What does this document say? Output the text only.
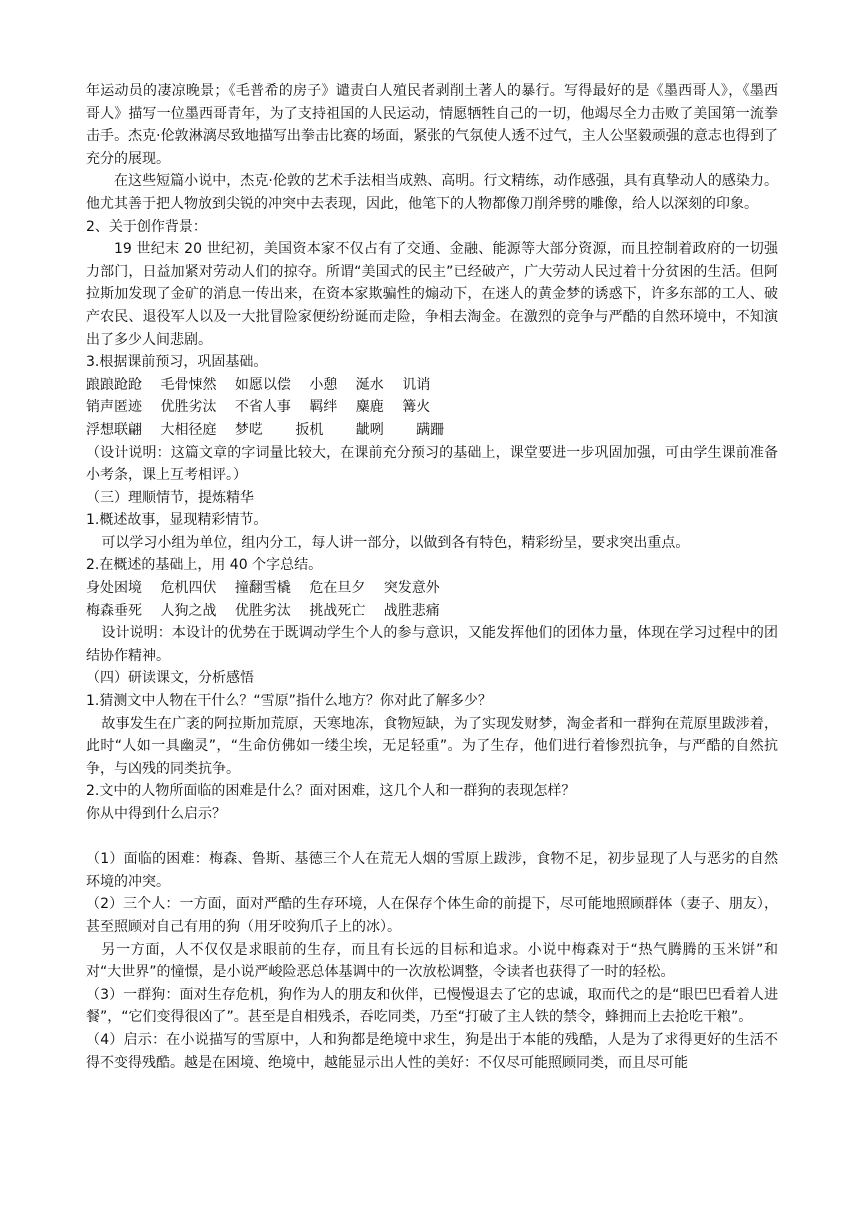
年运动员的凄凉晚景；《毛普希的房子》谴责白人殖民者剥削土著人的暴行。写得最好的是《墨西哥人》，《墨西哥人》描写一位墨西哥青年，为了支持祖国的人民运动，情愿牺牲自己的一切，他竭尽全力击败了美国第一流拳击手。杰克·伦敦淋漓尽致地描写出拳击比赛的场面，紧张的气氛使人透不过气，主人公坚毅顽强的意志也得到了充分的展现。

在这些短篇小说中，杰克·伦敦的艺术手法相当成熟、高明。行文精练，动作感强，具有真挚动人的感染力。他尤其善于把人物放到尖锐的冲突中去表现，因此，他笔下的人物都像刀削斧劈的雕像，给人以深刻的印象。

2、关于创作背景：

19 世纪末 20 世纪初，美国资本家不仅占有了交通、金融、能源等大部分资源，而且控制着政府的一切强力部门，日益加紧对劳动人们的掠夺。所谓“美国式的民主”已经破产，广大劳动人民过着十分贫困的生活。但阿拉斯加发现了金矿的消息一传出来，在资本家欺骗性的煽动下，在迷人的黄金梦的诱惑下，许多东部的工人、破产农民、退役军人以及一大批冒险家便纷纷诞而走险，争相去淘金。在激烈的竞争与严酷的自然环境中，不知演出了多少人间悲剧。

3.根据课前预习，巩固基础。

踉踉跄跄　 毛骨悚然　 如愿以偿　 小憩　 涎水　 讥诮

销声匿迹　 优胜劣汰　 不省人事　 羁绊　 麋鹿　 篝火

浮想联翩　 大相径庭　 梦呓　　 扳机　　 龇咧　　 蹒跚

（设计说明：这篇文章的字词量比较大，在课前充分预习的基础上，课堂要进一步巩固加强，可由学生课前准备小考条，课上互考相评。）

（三）理顺情节，提炼精华

1.概述故事，显现精彩情节。

可以学习小组为单位，组内分工，每人讲一部分，以做到各有特色，精彩纷呈，要求突出重点。

2.在概述的基础上，用 40 个字总结。

身处困境　 危机四伏　 撞翻雪橇　 危在旦夕　 突发意外

梅森垂死　 人狗之战　 优胜劣汰　 挑战死亡　 战胜悲痛

设计说明：本设计的优势在于既调动学生个人的参与意识，又能发挥他们的团体力量，体现在学习过程中的团结协作精神。

（四）研读课文，分析感悟

1.猜测文中人物在干什么？“雪原”指什么地方？你对此了解多少？

故事发生在广袤的阿拉斯加荒原，天寒地冻，食物短缺，为了实现发财梦，淘金者和一群狗在荒原里跋涉着，此时“人如一具幽灵”，“生命仿佛如一缕尘埃，无足轻重”。为了生存，他们进行着惨烈抗争，与严酷的自然抗争，与凶残的同类抗争。

2.文中的人物所面临的困难是什么？面对困难，这几个人和一群狗的表现怎样？

你从中得到什么启示？

（1）面临的困难：梅森、鲁斯、基德三个人在荒无人烟的雪原上跋涉，食物不足，初步显现了人与恶劣的自然环境的冲突。

（2）三个人：一方面，面对严酷的生存环境，人在保存个体生命的前提下，尽可能地照顾群体（妻子、朋友），甚至照顾对自己有用的狗（用牙咬狗爪子上的冰）。

另一方面，人不仅仅是求眼前的生存，而且有长远的目标和追求。小说中梅森对于“热气腾腾的玉米饼”和对“大世界”的憧憬，是小说严峻险恶总体基调中的一次放松调整，令读者也获得了一时的轻松。

（3）一群狗：面对生存危机，狗作为人的朋友和伙伴，已慢慢退去了它的忠诚，取而代之的是“眼巴巴看着人进餐”，“它们变得很凶了”。甚至是自相残杀，吞吃同类，乃至“打破了主人铁的禁令，蜂拥而上去抢吃干粮”。

（4）启示：在小说描写的雪原中，人和狗都是绝境中求生，狗是出于本能的残酷，人是为了求得更好的生活不得不变得残酷。越是在困境、绝境中，越能显示出人性的美好：不仅尽可能照顾同类，而且尽可能
